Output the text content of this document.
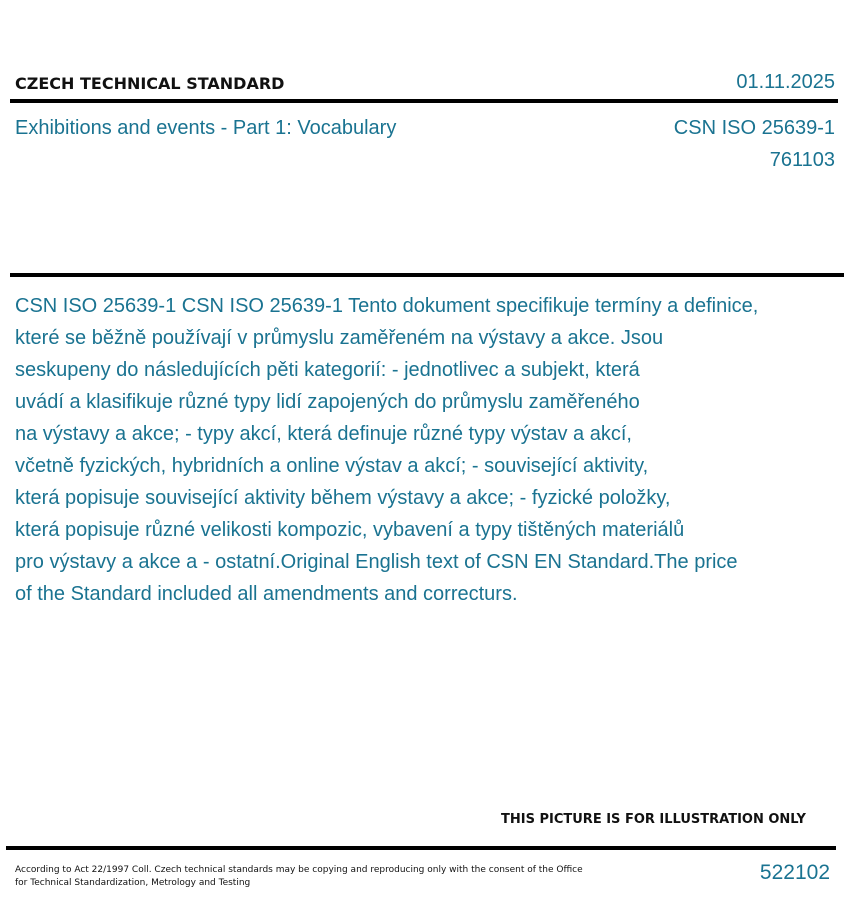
CZECH TECHNICAL STANDARD	01.11.2025
Exhibitions and events - Part 1: Vocabulary	CSN ISO 25639-1
761103
CSN ISO 25639-1 CSN ISO 25639-1 Tento dokument specifikuje termíny a definice,
které se běžně používají v průmyslu zaměřeném na výstavy a akce. Jsou
seskupeny do následujících pěti kategorií: - jednotlivec a subjekt, která
uvádí a klasifikuje různé typy lidí zapojených do průmyslu zaměřeného
na výstavy a akce; - typy akcí, která definuje různé typy výstav a akcí,
včetně fyzických, hybridních a online výstav a akcí; - související aktivity,
která popisuje související aktivity během výstavy a akce; - fyzické položky,
která popisuje různé velikosti kompozic, vybavení a typy tištěných materiálů
pro výstavy a akce a - ostatní.Original English text of CSN EN Standard.The price
of the Standard included all amendments and correcturs.
THIS PICTURE IS FOR ILLUSTRATION ONLY
According to Act 22/1997 Coll. Czech technical standards may be copying and reproducing only with the consent of the Office
for Technical Standardization, Metrology and Testing	522102
